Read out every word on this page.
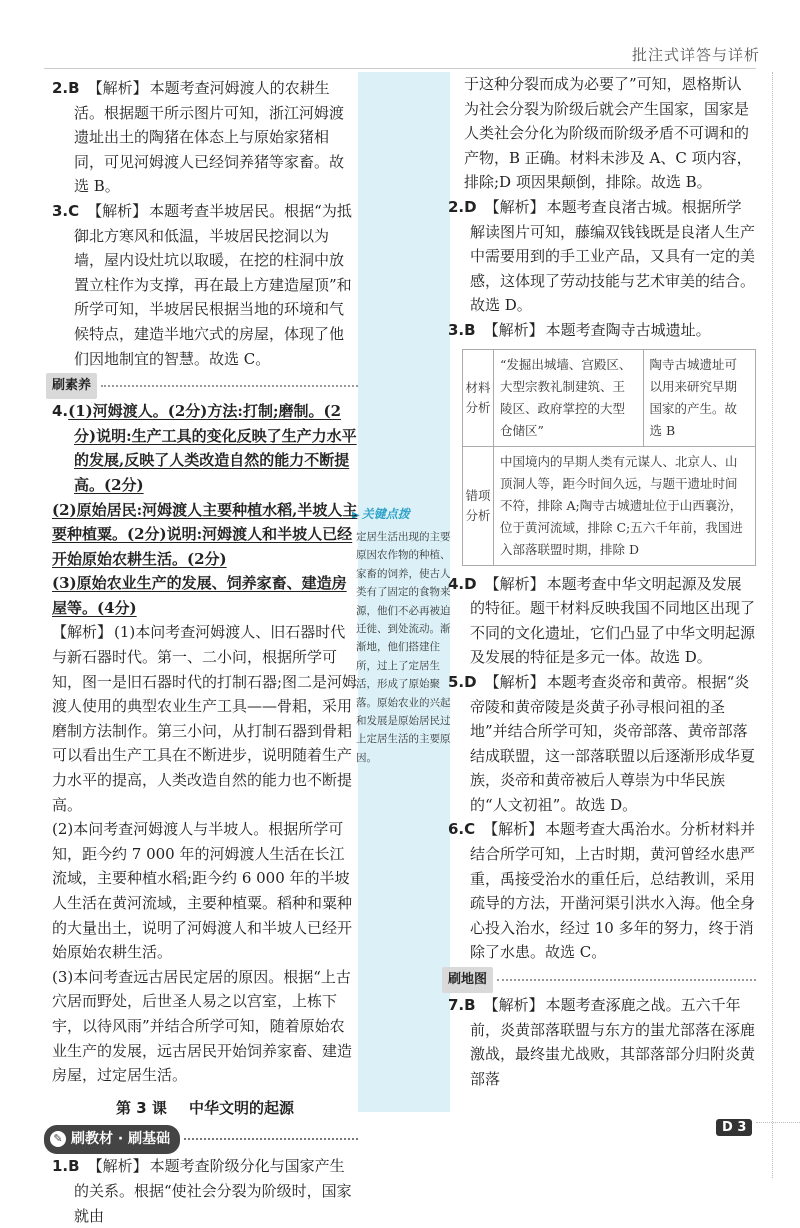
批注式详答与详析
▶ 关键点拨
定居生活出现的主要原因农作物的种植、家畜的饲养，使古人类有了固定的食物来源，他们不必再被迫迁徙、到处流动。渐渐地，他们搭建住所，过上了定居生活，形成了原始聚落。原始农业的兴起和发展是原始居民过上定居生活的主要原因。

2.B 【解析】 本题考查河姆渡人的农耕生活。根据题干所示图片可知，浙江河姆渡遗址出土的陶猪在体态上与原始家猪相同，可见河姆渡人已经饲养猪等家畜。故选 B。

3.C 【解析】 本题考查半坡居民。根据“为抵御北方寒风和低温，半坡居民挖洞以为墙，屋内设灶坑以取暖，在挖的柱洞中放置立柱作为支撑，再在最上方建造屋顶”和所学可知，半坡居民根据当地的环境和气候特点，建造半地穴式的房屋，体现了他们因地制宜的智慧。故选 C。

刷素养
4.(1)河姆渡人。(2分)方法:打制;磨制。(2分)说明:生产工具的变化反映了生产力水平的发展,反映了人类改造自然的能力不断提高。(2分)

(2)原始居民:河姆渡人主要种植水稻,半坡人主要种植粟。(2分)说明:河姆渡人和半坡人已经开始原始农耕生活。(2分)

(3)原始农业生产的发展、饲养家畜、建造房屋等。(4分)

【解析】 (1)本问考查河姆渡人、旧石器时代与新石器时代。第一、二小问，根据所学可知，图一是旧石器时代的打制石器;图二是河姆渡人使用的典型农业生产工具——骨耜，采用磨制方法制作。第三小问，从打制石器到骨耜可以看出生产工具在不断进步，说明随着生产力水平的提高，人类改造自然的能力也不断提高。

(2)本问考查河姆渡人与半坡人。根据所学可知，距今约 7 000 年的河姆渡人生活在长江流域，主要种植水稻;距今约 6 000 年的半坡人生活在黄河流域，主要种植粟。稻种和粟种的大量出土，说明了河姆渡人和半坡人已经开始原始农耕生活。

(3)本问考查远古居民定居的原因。根据“上古穴居而野处，后世圣人易之以宫室，上栋下宇，以待风雨”并结合所学可知，随着原始农业生产的发展，远古居民开始饲养家畜、建造房屋，过定居生活。

第 3 课 中华文明的起源
✎ 刷教材 · 刷基础

1.B 【解析】 本题考查阶级分化与国家产生的关系。根据“使社会分裂为阶级时，国家就由

于这种分裂而成为必要了”可知，恩格斯认为社会分裂为阶级后就会产生国家，国家是人类社会分化为阶级而阶级矛盾不可调和的产物，B 正确。材料未涉及 A、C 项内容，排除;D 项因果颠倒，排除。故选 B。

2.D 【解析】 本题考查良渚古城。根据所学解读图片可知，藤编双钱钱既是良渚人生产中需要用到的手工业产品，又具有一定的美感，这体现了劳动技能与艺术审美的结合。故选 D。

3.B 【解析】 本题考查陶寺古城遗址。

材料分析	“发掘出城墙、宫殿区、大型宗教礼制建筑、王陵区、政府掌控的大型仓储区”	陶寺古城遗址可以用来研究早期国家的产生。故选 B
错项分析	中国境内的早期人类有元谋人、北京人、山顶洞人等，距今时间久远，与题干遗址时间不符，排除 A;陶寺古城遗址位于山西襄汾，位于黄河流域，排除 C;五六千年前，我国进入部落联盟时期，排除 D	

4.D 【解析】 本题考查中华文明起源及发展的特征。题干材料反映我国不同地区出现了不同的文化遗址，它们凸显了中华文明起源及发展的特征是多元一体。故选 D。

5.D 【解析】 本题考查炎帝和黄帝。根据“炎帝陵和黄帝陵是炎黄子孙寻根问祖的圣地”并结合所学可知，炎帝部落、黄帝部落结成联盟，这一部落联盟以后逐渐形成华夏族，炎帝和黄帝被后人尊崇为中华民族的“人文初祖”。故选 D。

6.C 【解析】 本题考查大禹治水。分析材料并结合所学可知，上古时期，黄河曾经水患严重，禹接受治水的重任后，总结教训，采用疏导的方法，开凿河渠引洪水入海。他全身心投入治水，经过 10 多年的努力，终于消除了水患。故选 C。

刷地图

7.B 【解析】 本题考查涿鹿之战。五六千年前，炎黄部落联盟与东方的蚩尤部落在涿鹿激战，最终蚩尤战败，其部落部分归附炎黄部落

D 3
